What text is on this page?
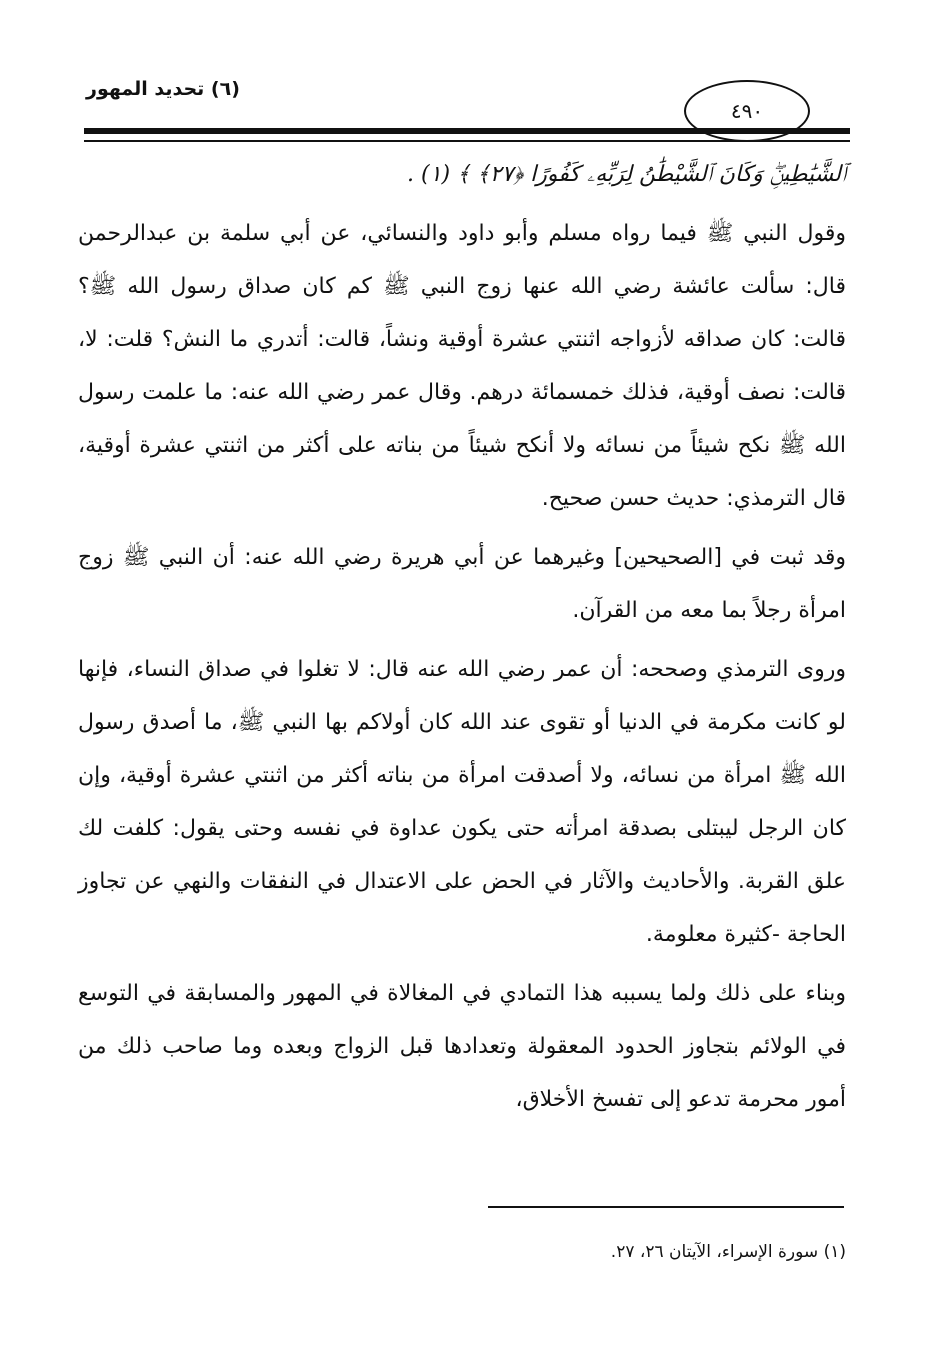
(٦) تحديد المهور
٤٩٠

ٱلشَّيَٰطِينِۖ وَكَانَ ٱلشَّيْطَٰنُ لِرَبِّهِۦ كَفُورًا ﴿٢٧﴾ ﴾ (١) .

وقول النبي ﷺ فيما رواه مسلم وأبو داود والنسائي، عن أبي سلمة بن عبدالرحمن قال: سألت عائشة رضي الله عنها زوج النبي ﷺ كم كان صداق رسول الله ﷺ؟ قالت: كان صداقه لأزواجه اثنتي عشرة أوقية ونشاً، قالت: أتدري ما النش؟ قلت: لا، قالت: نصف أوقية، فذلك خمسمائة درهم. وقال عمر رضي الله عنه: ما علمت رسول الله ﷺ نكح شيئاً من نسائه ولا أنكح شيئاً من بناته على أكثر من اثنتي عشرة أوقية، قال الترمذي: حديث حسن صحيح.

وقد ثبت في [الصحيحين] وغيرهما عن أبي هريرة رضي الله عنه: أن النبي ﷺ زوج امرأة رجلاً بما معه من القرآن.

وروى الترمذي وصححه: أن عمر رضي الله عنه قال: لا تغلوا في صداق النساء، فإنها لو كانت مكرمة في الدنيا أو تقوى عند الله كان أولاكم بها النبي ﷺ، ما أصدق رسول الله ﷺ امرأة من نسائه، ولا أصدقت امرأة من بناته أكثر من اثنتي عشرة أوقية، وإن كان الرجل ليبتلى بصدقة امرأته حتى يكون عداوة في نفسه وحتى يقول: كلفت لك علق القربة. والأحاديث والآثار في الحض على الاعتدال في النفقات والنهي عن تجاوز الحاجة -كثيرة معلومة.

وبناء على ذلك ولما يسببه هذا التمادي في المغالاة في المهور والمسابقة في التوسع في الولائم بتجاوز الحدود المعقولة وتعدادها قبل الزواج وبعده وما صاحب ذلك من أمور محرمة تدعو إلى تفسخ الأخلاق،

(١) سورة الإسراء، الآيتان ٢٦، ٢٧.
